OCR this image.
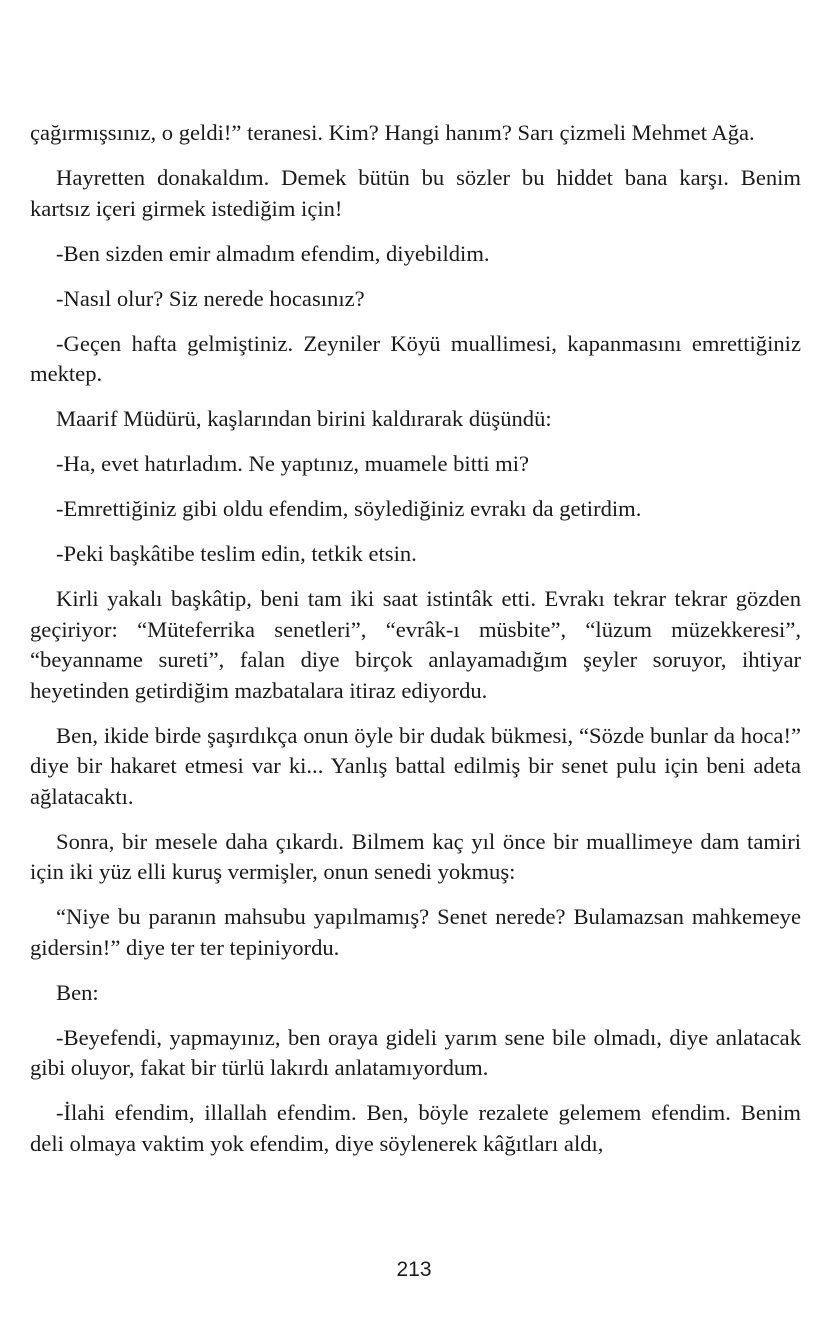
çağırmışsınız, o geldi!” teranesi. Kim? Hangi hanım? Sarı çizmeli Mehmet Ağa.

Hayretten donakaldım. Demek bütün bu sözler bu hiddet bana karşı. Benim kartsız içeri girmek istediğim için!

-Ben sizden emir almadım efendim, diyebildim.

-Nasıl olur? Siz nerede hocasınız?

-Geçen hafta gelmiştiniz. Zeyniler Köyü muallimesi, kapanmasını emrettiğiniz mektep.

Maarif Müdürü, kaşlarından birini kaldırarak düşündü:

-Ha, evet hatırladım. Ne yaptınız, muamele bitti mi?

-Emrettiğiniz gibi oldu efendim, söylediğiniz evrakı da getirdim.

-Peki başkâtibe teslim edin, tetkik etsin.

Kirli yakalı başkâtip, beni tam iki saat istintâk etti. Evrakı tekrar tekrar gözden geçiriyor: “Müteferrika senetleri”, “evrâk-ı müsbite”, “lüzum müzekkeresi”, “beyanname sureti”, falan diye birçok anlayamadığım şeyler soruyor, ihtiyar heyetinden getirdiğim mazbatalara itiraz ediyordu.

Ben, ikide birde şaşırdıkça onun öyle bir dudak bükmesi, “Sözde bunlar da hoca!” diye bir hakaret etmesi var ki... Yanlış battal edilmiş bir senet pulu için beni adeta ağlatacaktı.

Sonra, bir mesele daha çıkardı. Bilmem kaç yıl önce bir muallimeye dam tamiri için iki yüz elli kuruş vermişler, onun senedi yokmuş:

“Niye bu paranın mahsubu yapılmamış? Senet nerede? Bulamazsan mahkemeye gidersin!” diye ter ter tepiniyordu.

Ben:

-Beyefendi, yapmayınız, ben oraya gideli yarım sene bile olmadı, diye anlatacak gibi oluyor, fakat bir türlü lakırdı anlatamıyordum.

-İlahi efendim, illallah efendim. Ben, böyle rezalete gelemem efendim. Benim deli olmaya vaktim yok efendim, diye söylenerek kâğıtları aldı,

213
